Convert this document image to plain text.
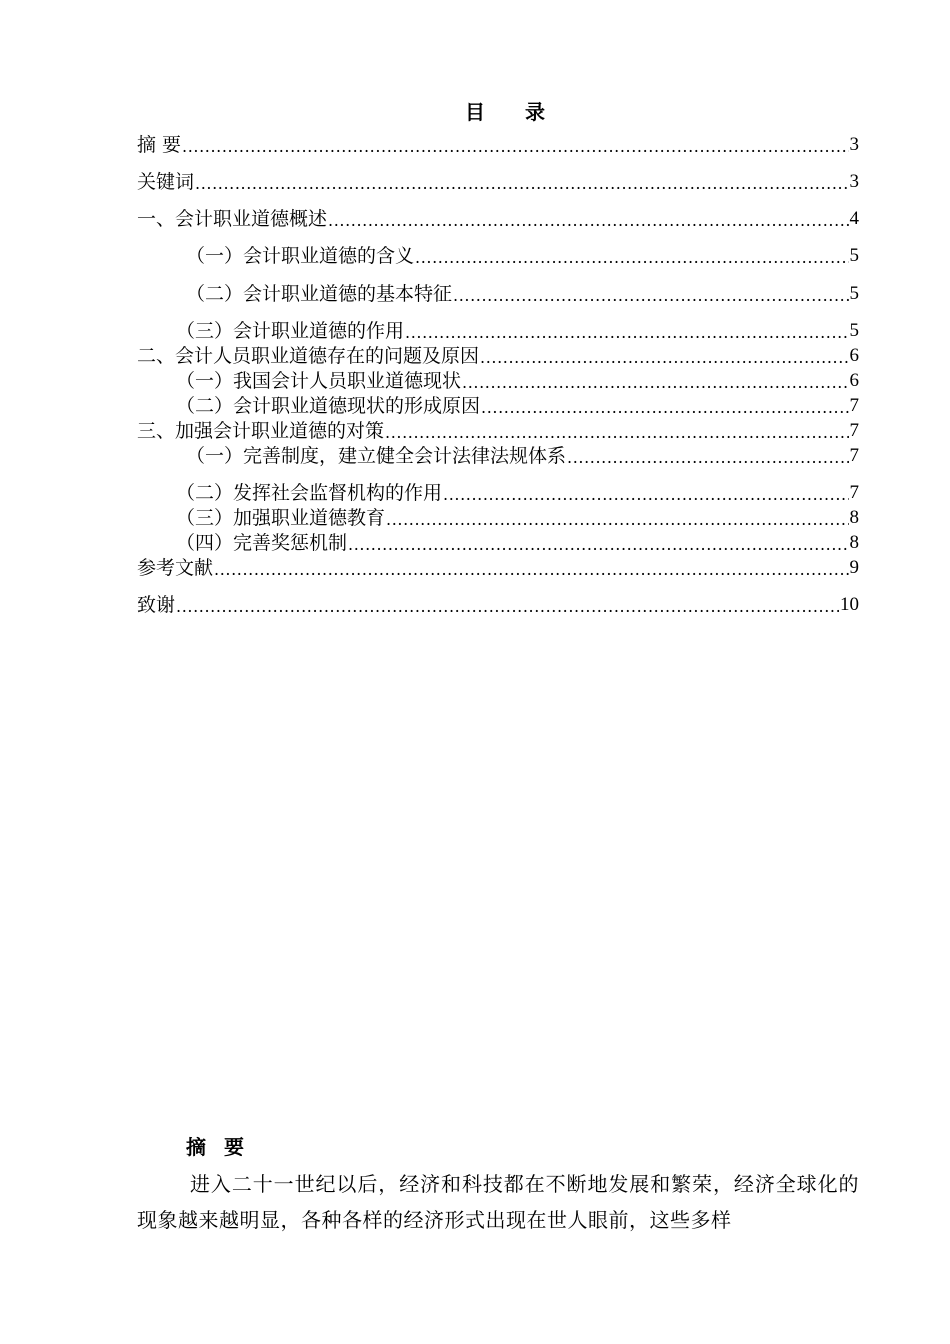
目 录
摘 要 .....	3
关键词 .....	3
一、会计职业道德概述 .....	4
（一）会计职业道德的含义 .....	5
（二）会计职业道德的基本特征 .....	5
（三）会计职业道德的作用 .....	5
二、会计人员职业道德存在的问题及原因 .....	6
（一）我国会计人员职业道德现状 .....	6
（二）会计职业道德现状的形成原因 .....	7
三、加强会计职业道德的对策 .....	7
（一）完善制度，建立健全会计法律法规体系 .....	7
（二）发挥社会监督机构的作用 .....	7
（三）加强职业道德教育 .....	8
（四）完善奖惩机制 .....	8
参考文献 .....	9
致谢 .....	10
摘 要
进入二十一世纪以后，经济和科技都在不断地发展和繁荣，经济全球化的现象越来越明显，各种各样的经济形式出现在世人眼前，这些多样
